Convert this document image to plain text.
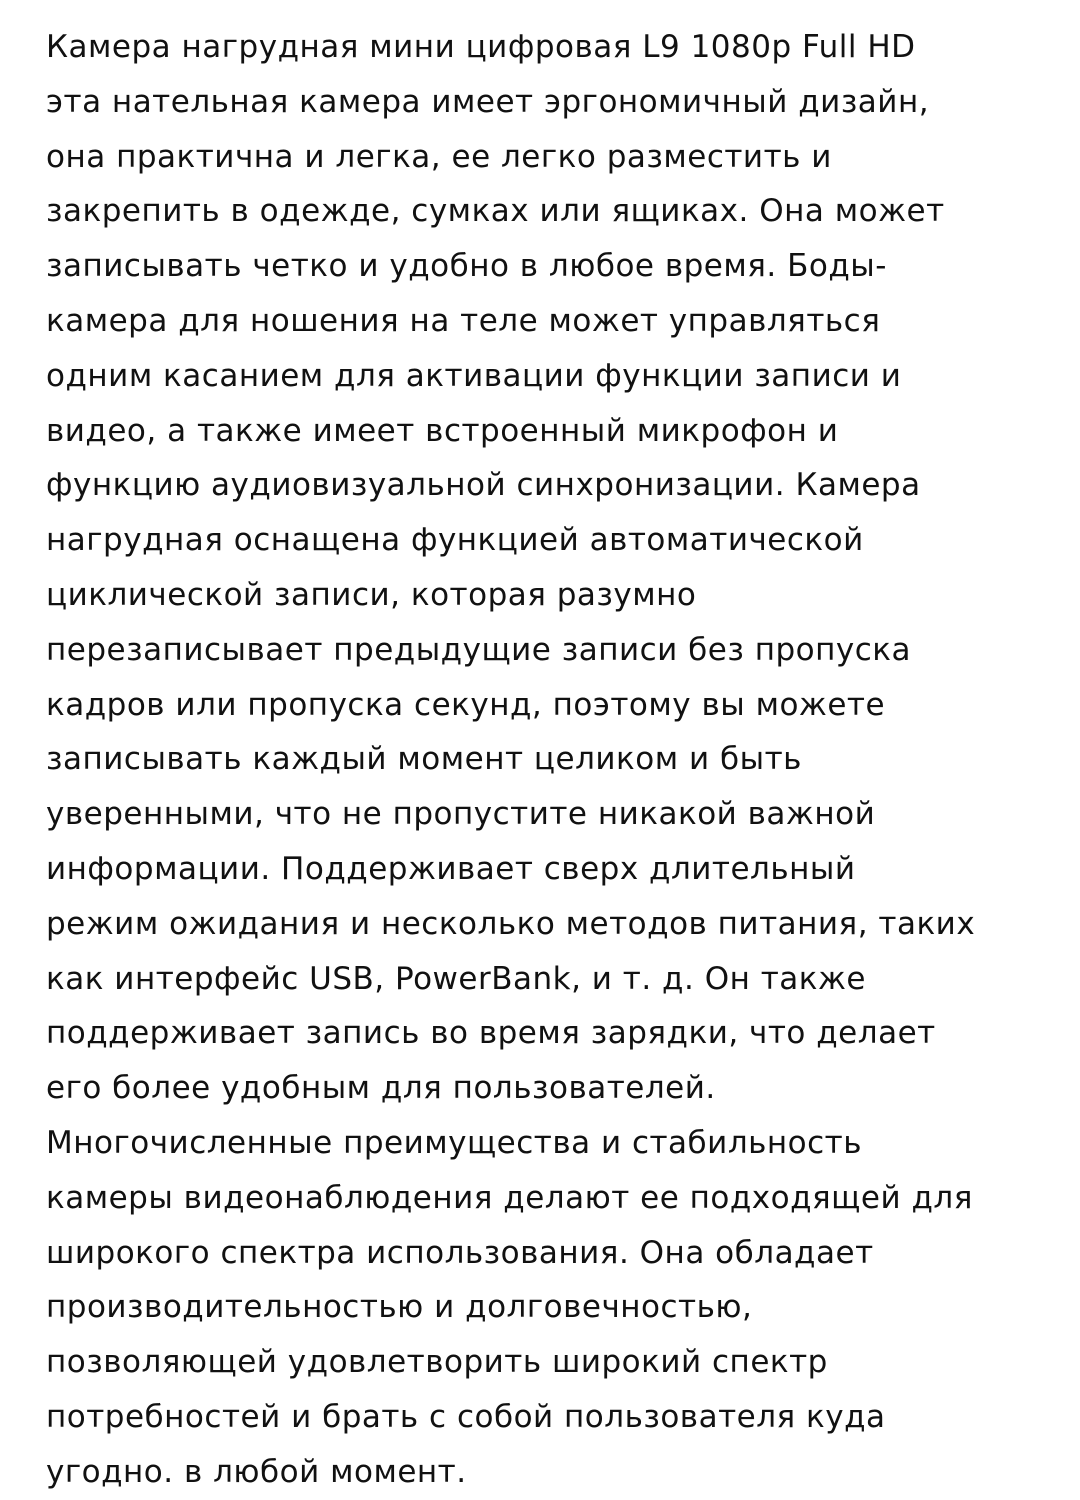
Камера нагрудная мини цифровая L9 1080p Full HD
эта нательная камера имеет эргономичный дизайн,
она практична и легка, ее легко разместить и
закрепить в одежде, сумках или ящиках. Она может
записывать четко и удобно в любое время. Боды-
камера для ношения на теле может управляться
одним касанием для активации функции записи и
видео, а также имеет встроенный микрофон и
функцию аудиовизуальной синхронизации. Камера
нагрудная оснащена функцией автоматической
циклической записи, которая разумно
перезаписывает предыдущие записи без пропуска
кадров или пропуска секунд, поэтому вы можете
записывать каждый момент целиком и быть
уверенными, что не пропустите никакой важной
информации. Поддерживает сверх длительный
режим ожидания и несколько методов питания, таких
как интерфейс USB, PowerBank, и т. д. Он также
поддерживает запись во время зарядки, что делает
его более удобным для пользователей.
Многочисленные преимущества и стабильность
камеры видеонаблюдения делают ее подходящей для
широкого спектра использования. Она обладает
производительностью и долговечностью,
позволяющей удовлетворить широкий спектр
потребностей и брать с собой пользователя куда
угодно. в любой момент.
